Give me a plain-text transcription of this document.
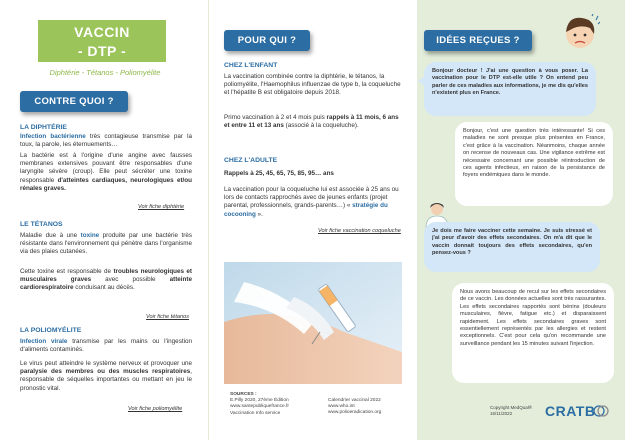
VACCIN
- DTP -
Diphtérie - Tétanos - Poliomyélite
CONTRE QUOI ?
LA DIPHTÉRIE
Infection bactérienne très contagieuse transmise par la toux, la parole, les éternuements…
La bactérie est à l'origine d'une angine avec fausses membranes extensives pouvant être responsables d'une laryngite sévère (croup). Elle peut sécréter une toxine responsable d'atteintes cardiaques, neurologiques et/ou rénales graves.
Voir fiche diphtérie
LE TÉTANOS
Maladie due à une toxine produite par une bactérie très résistante dans l'environnement qui pénètre dans l'organisme via des plaies cutanées.
Cette toxine est responsable de troubles neurologiques et musculaires graves avec possible atteinte cardiorespiratoire conduisant au décès.
Voir fiche tétanos
LA POLIOMYÉLITE
Infection virale transmise par les mains ou l'ingestion d'aliments contaminés.
Le virus peut atteindre le système nerveux et provoquer une paralysie des membres ou des muscles respiratoires, responsable de séquelles importantes ou mettant en jeu le pronostic vital.
Voir fiche poliomyélite
POUR QUI ?
CHEZ L'ENFANT
La vaccination combinée contre la diphtérie, le tétanos, la poliomyélite, l'Haemophilus influenzae de type b, la coqueluche et l'hépatite B est obligatoire depuis 2018.
Primo vaccination à 2 et 4 mois puis rappels à 11 mois, 6 ans et entre 11 et 13 ans (associé à la coqueluche).
CHEZ L'ADULTE
Rappels à 25, 45, 65, 75, 85, 95… ans
La vaccination pour la coqueluche lui est associée à 25 ans ou lors de contacts rapprochés avec de jeunes enfants (projet parental, professionnels, grands-parents…) « stratégie du cocooning ».
Voir fiche vaccination coqueluche
SOURCES :
E.Pilly 2020, 27ème Édition
www.santepubliquefrance.fr
Vaccination Info service
Calendrier vaccinal 2022
www.who.int
www.polioeradication.org
IDÉES REÇUES ?
Bonjour docteur ! J'ai une question à vous poser. La vaccination pour le DTP est-elle utile ? On entend peu parler de ces maladies aux informations, je me dis qu'elles n'existent plus en France.
Bonjour, c'est une question très intéressante! Si ces maladies ne sont presque plus présentes en France, c'est grâce à la vaccination. Néanmoins, chaque année on recense de nouveaux cas. Une vigilance extrême est nécessaire concernant une possible réintroduction de ces agents infectieux, en raison de la persistance de foyers endémiques dans le monde.
Je dois me faire vacciner cette semaine. Je suis stressé et j'ai peur d'avoir des effets secondaires. On m'a dit que le vaccin donnait toujours des effets secondaires, qu'en pensez-vous ?
Nous avons beaucoup de recul sur les effets secondaires de ce vaccin. Les données actuelles sont très rassurantes. Les effets secondaires rapportés sont bénins (douleurs musculaires, fièvre, fatigue etc.) et disparaissent rapidement. Les effets secondaires graves sont essentiellement représentés par les allergies et restent exceptionnels. C'est pour cela qu'on recommande une surveillance pendant les 15 minutes suivant l'injection.
Copyright MedQual®
16/11/2022	CRATB
